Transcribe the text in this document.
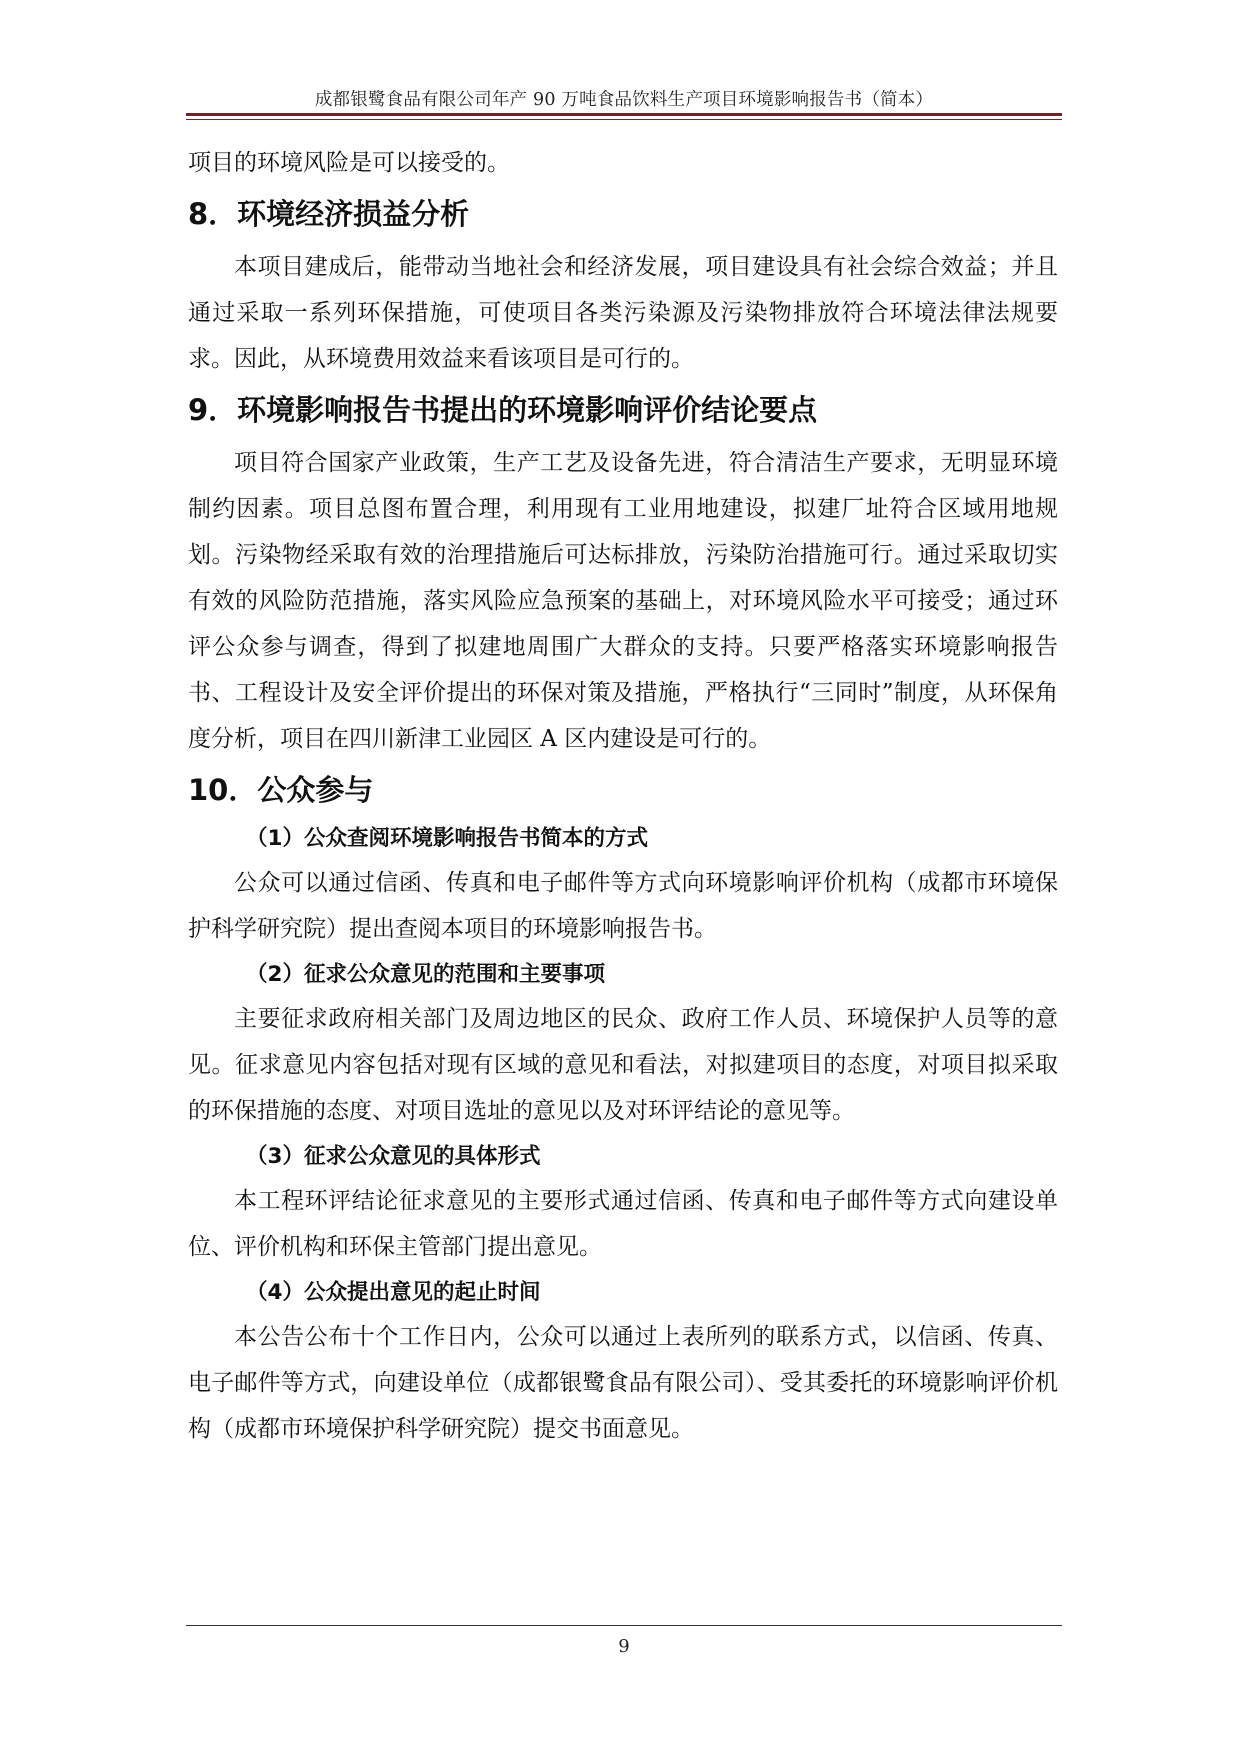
成都银鹭食品有限公司年产 90 万吨食品饮料生产项目环境影响报告书（简本）

项目的环境风险是可以接受的。

8．环境经济损益分析

本项目建成后，能带动当地社会和经济发展，项目建设具有社会综合效益；并且通过采取一系列环保措施，可使项目各类污染源及污染物排放符合环境法律法规要求。因此，从环境费用效益来看该项目是可行的。

9．环境影响报告书提出的环境影响评价结论要点

项目符合国家产业政策，生产工艺及设备先进，符合清洁生产要求，无明显环境制约因素。项目总图布置合理，利用现有工业用地建设，拟建厂址符合区域用地规划。污染物经采取有效的治理措施后可达标排放，污染防治措施可行。通过采取切实有效的风险防范措施，落实风险应急预案的基础上，对环境风险水平可接受；通过环评公众参与调查，得到了拟建地周围广大群众的支持。只要严格落实环境影响报告书、工程设计及安全评价提出的环保对策及措施，严格执行“三同时”制度，从环保角度分析，项目在四川新津工业园区 A 区内建设是可行的。

10．公众参与
（1）公众查阅环境影响报告书简本的方式

公众可以通过信函、传真和电子邮件等方式向环境影响评价机构（成都市环境保护科学研究院）提出查阅本项目的环境影响报告书。

（2）征求公众意见的范围和主要事项

主要征求政府相关部门及周边地区的民众、政府工作人员、环境保护人员等的意见。征求意见内容包括对现有区域的意见和看法，对拟建项目的态度，对项目拟采取的环保措施的态度、对项目选址的意见以及对环评结论的意见等。

（3）征求公众意见的具体形式

本工程环评结论征求意见的主要形式通过信函、传真和电子邮件等方式向建设单位、评价机构和环保主管部门提出意见。

（4）公众提出意见的起止时间

本公告公布十个工作日内，公众可以通过上表所列的联系方式，以信函、传真、电子邮件等方式，向建设单位（成都银鹭食品有限公司）、受其委托的环境影响评价机构（成都市环境保护科学研究院）提交书面意见。

9
